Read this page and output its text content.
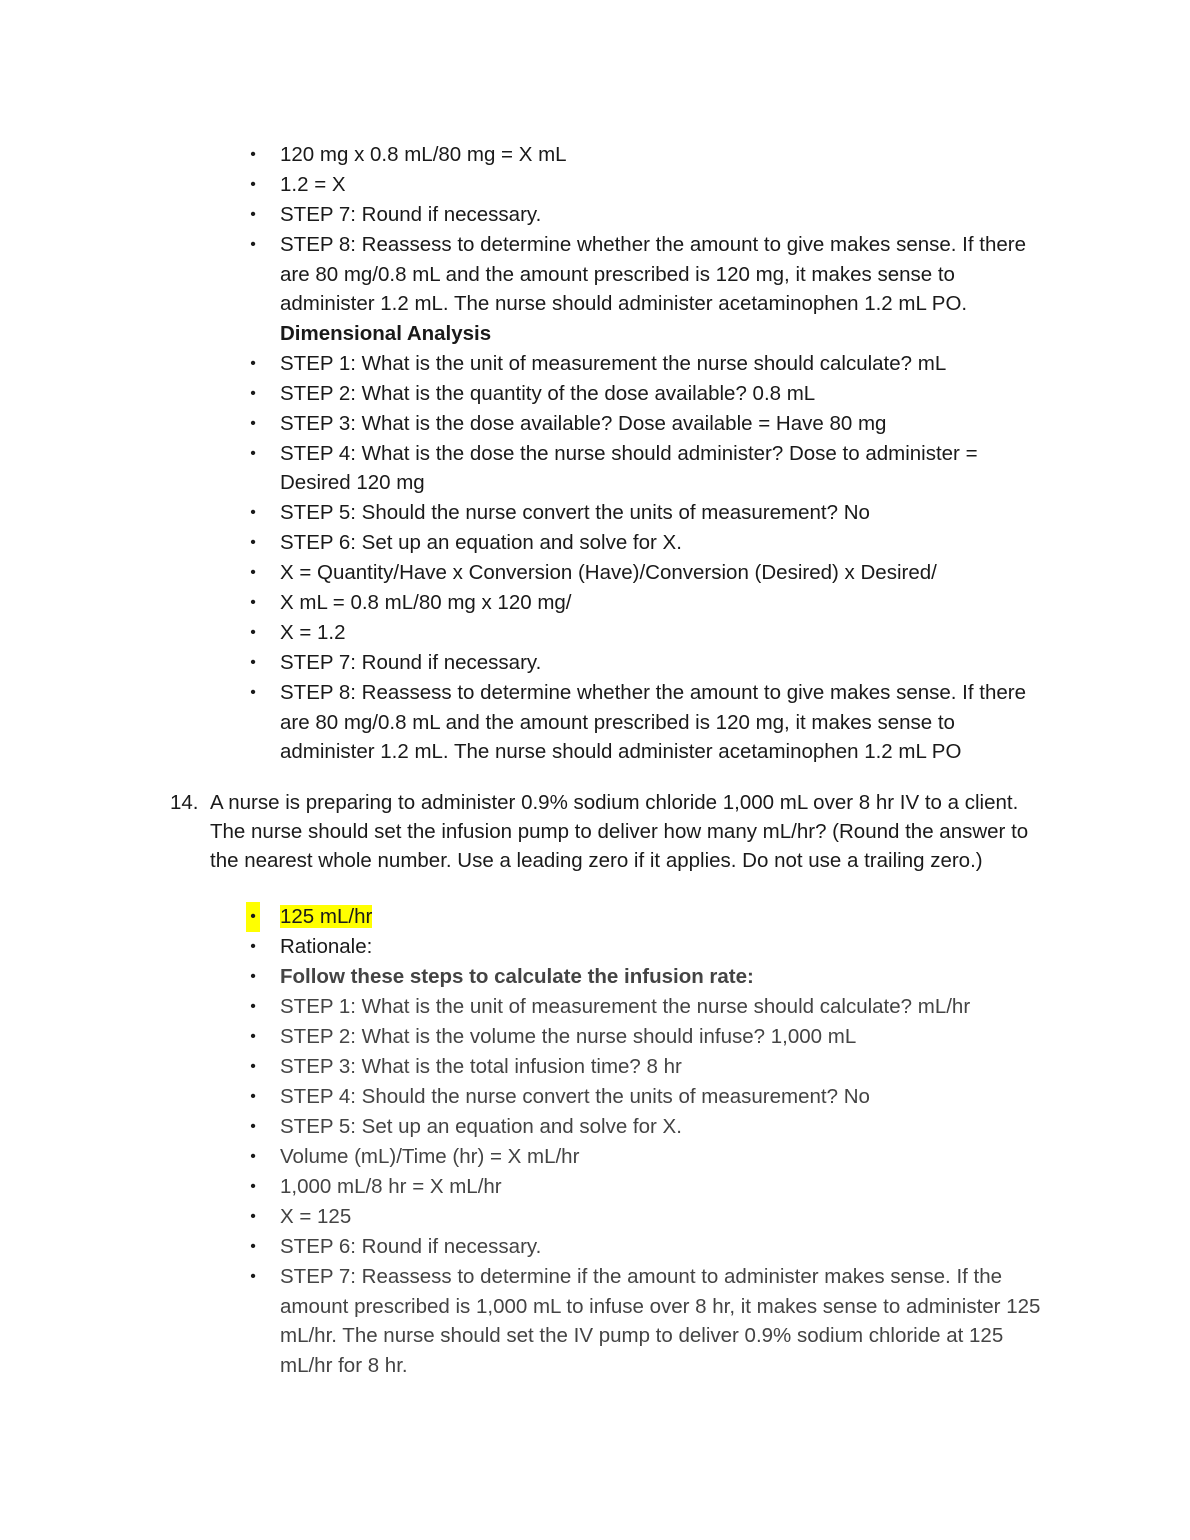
• 120 mg x 0.8 mL/80 mg = X mL
• 1.2 = X
• STEP 7: Round if necessary.
• STEP 8: Reassess to determine whether the amount to give makes sense. If there are 80 mg/0.8 mL and the amount prescribed is 120 mg, it makes sense to administer 1.2 mL. The nurse should administer acetaminophen 1.2 mL PO.
Dimensional Analysis
• STEP 1: What is the unit of measurement the nurse should calculate? mL
• STEP 2: What is the quantity of the dose available? 0.8 mL
• STEP 3: What is the dose available? Dose available = Have 80 mg
• STEP 4: What is the dose the nurse should administer? Dose to administer = Desired 120 mg
• STEP 5: Should the nurse convert the units of measurement? No
• STEP 6: Set up an equation and solve for X.
• X = Quantity/Have x Conversion (Have)/Conversion (Desired) x Desired/
• X mL = 0.8 mL/80 mg x 120 mg/
• X = 1.2
• STEP 7: Round if necessary.
• STEP 8: Reassess to determine whether the amount to give makes sense. If there are 80 mg/0.8 mL and the amount prescribed is 120 mg, it makes sense to administer 1.2 mL. The nurse should administer acetaminophen 1.2 mL PO
14. A nurse is preparing to administer 0.9% sodium chloride 1,000 mL over 8 hr IV to a client. The nurse should set the infusion pump to deliver how many mL/hr? (Round the answer to the nearest whole number. Use a leading zero if it applies. Do not use a trailing zero.)
• 125 mL/hr
• Rationale:
• Follow these steps to calculate the infusion rate:
• STEP 1: What is the unit of measurement the nurse should calculate? mL/hr
• STEP 2: What is the volume the nurse should infuse? 1,000 mL
• STEP 3: What is the total infusion time? 8 hr
• STEP 4: Should the nurse convert the units of measurement? No
• STEP 5: Set up an equation and solve for X.
• Volume (mL)/Time (hr) = X mL/hr
• 1,000 mL/8 hr = X mL/hr
• X = 125
• STEP 6: Round if necessary.
• STEP 7: Reassess to determine if the amount to administer makes sense. If the amount prescribed is 1,000 mL to infuse over 8 hr, it makes sense to administer 125 mL/hr. The nurse should set the IV pump to deliver 0.9% sodium chloride at 125 mL/hr for 8 hr.
